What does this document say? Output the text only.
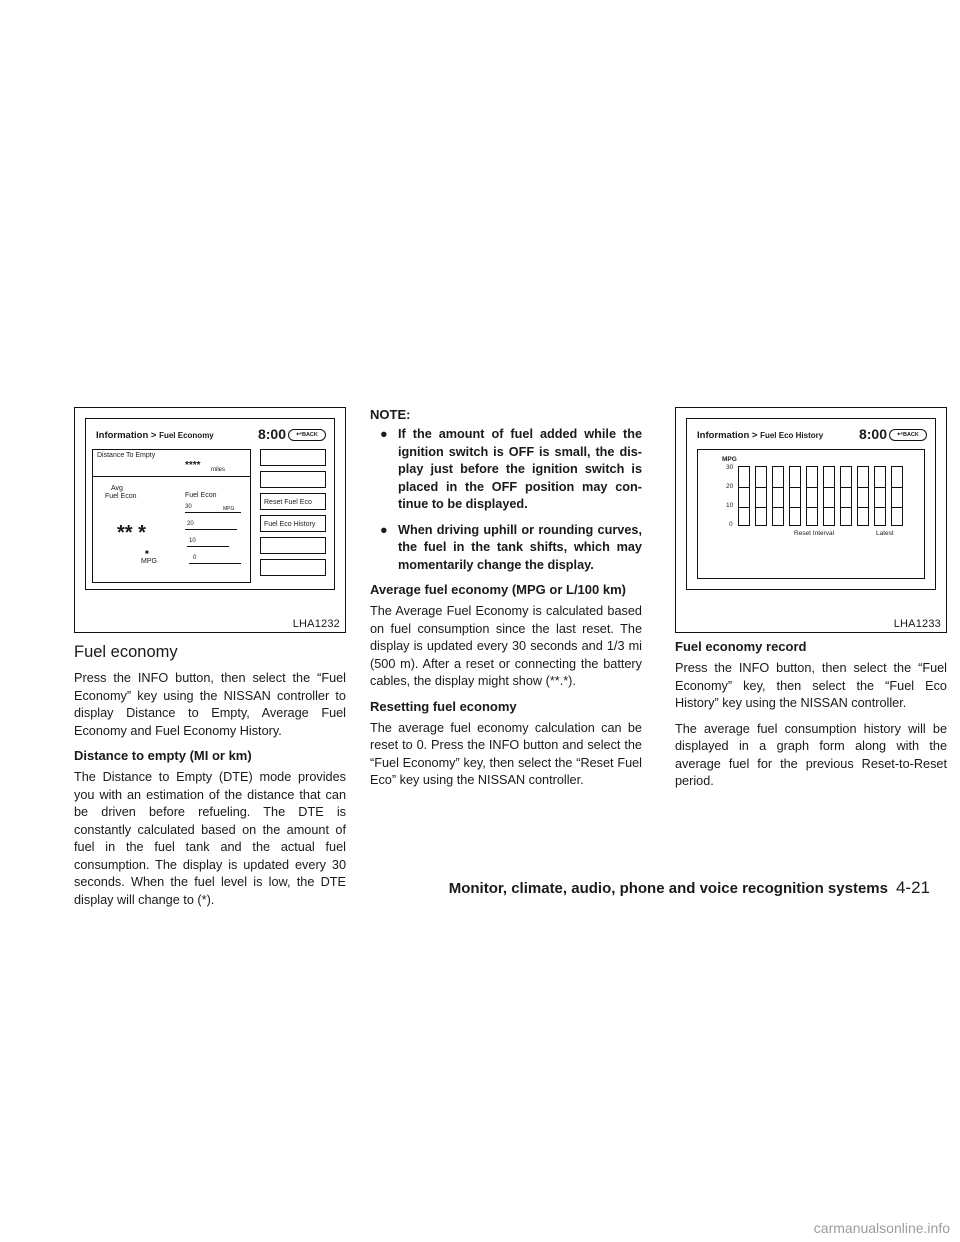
Information > Fuel Economy	8:00	↩BACK
Distance To Empty
**** miles
Avg
Fuel Econ
** *
■
MPG
Fuel Econ
30	MPG
20
10
0
Reset Fuel Eco
Fuel Eco History
LHA1232
Fuel economy

Press the INFO button, then select the “Fuel Economy” key using the NISSAN controller to display Distance to Empty, Average Fuel Economy and Fuel Economy History.

Distance to empty (MI or km)

The Distance to Empty (DTE) mode provides you with an estimation of the distance that can be driven before refueling. The DTE is constantly calculated based on the amount of fuel in the fuel tank and the actual fuel consumption. The display is updated every 30 seconds. When the fuel level is low, the DTE display will change to (*).

NOTE:
● If the amount of fuel added while the ignition switch is OFF is small, the dis-play just before the ignition switch is placed in the OFF position may con-tinue to be displayed.
● When driving uphill or rounding curves, the fuel in the tank shifts, which may momentarily change the display.
Average fuel economy (MPG or L/100 km)

The Average Fuel Economy is calculated based on fuel consumption since the last reset. The display is updated every 30 seconds and 1/3 mi (500 m). After a reset or connecting the battery cables, the display might show (**.*).

Resetting fuel economy

The average fuel economy calculation can be reset to 0. Press the INFO button and select the “Fuel Economy” key, then select the “Reset Fuel Eco” key using the NISSAN controller.

Information > Fuel Eco History	8:00	↩BACK
MPG
30
20
10
0
Reset Interval	Latest
LHA1233
Fuel economy record

Press the INFO button, then select the “Fuel Economy” key, then select the “Fuel Eco History” key using the NISSAN controller.

The average fuel consumption history will be displayed in a graph form along with the average fuel for the previous Reset-to-Reset period.

Monitor, climate, audio, phone and voice recognition systems 4-21
carmanualsonline.info
